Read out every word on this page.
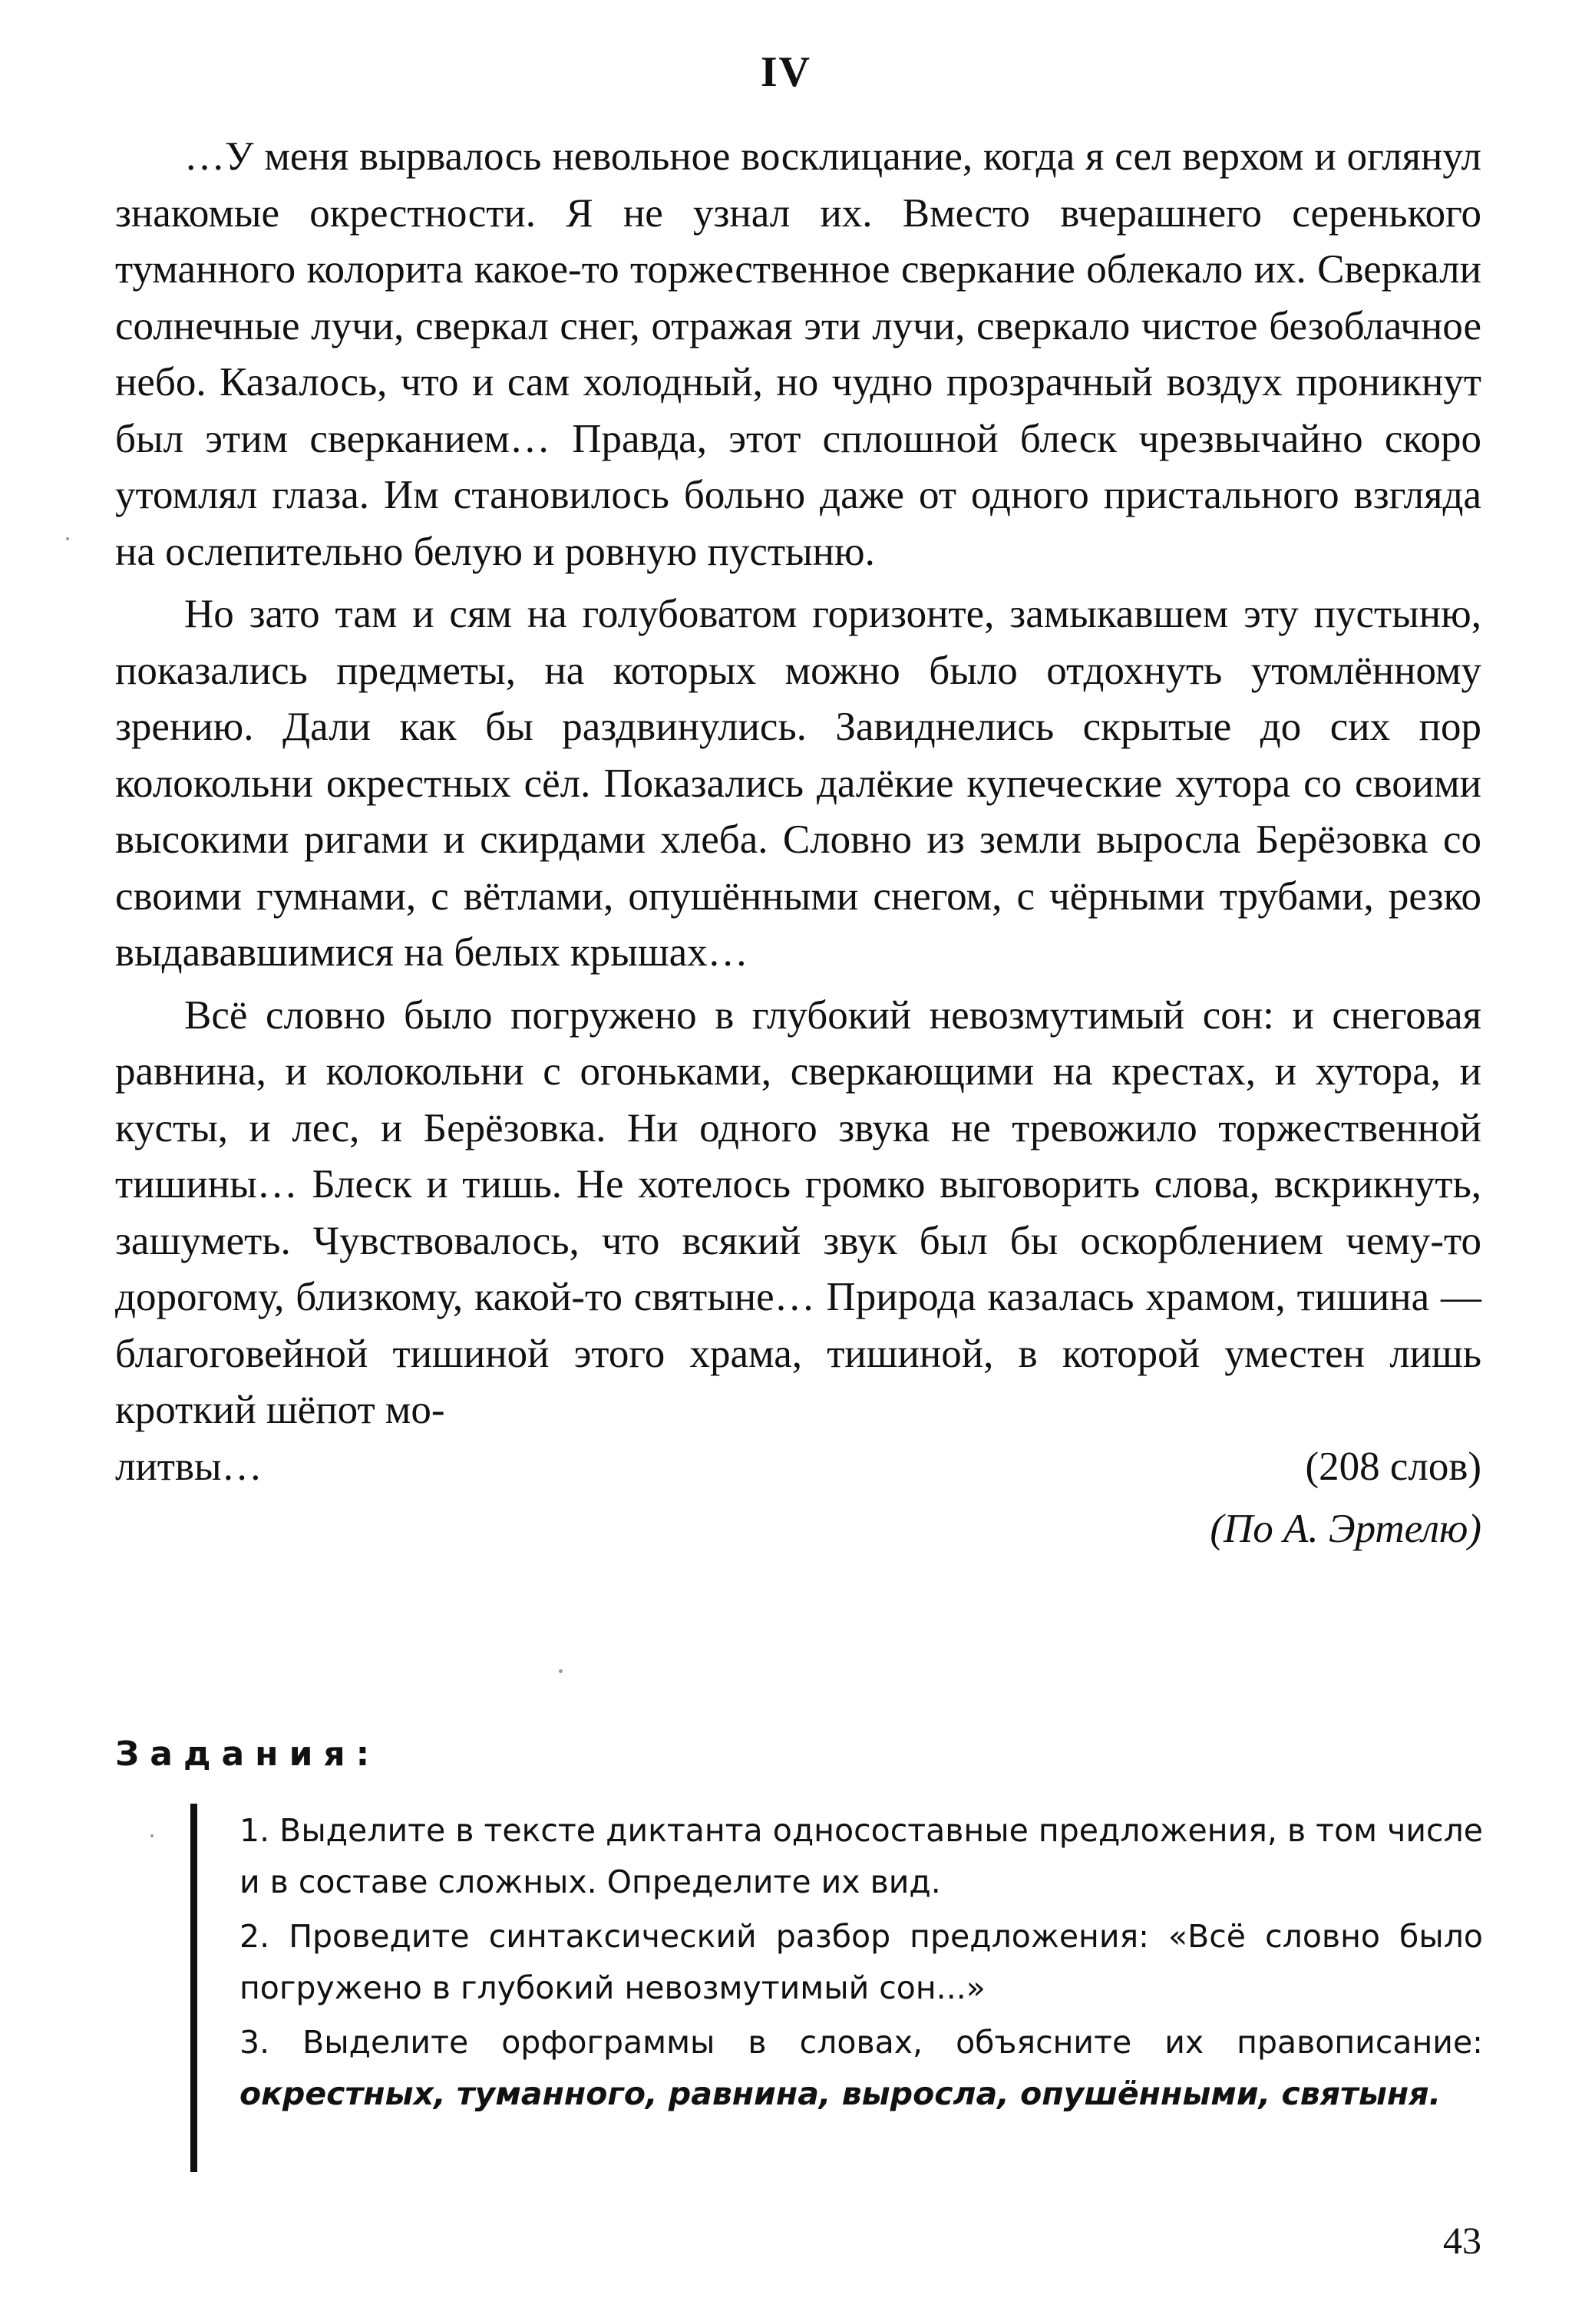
IV

…У меня вырвалось невольное восклицание, когда я сел верхом и оглянул знакомые окрестности. Я не узнал их. Вместо вчерашнего серенького туманного колорита какое-то торжественное сверкание облекало их. Сверкали солнечные лучи, сверкал снег, отражая эти лучи, сверкало чистое безоблачное небо. Казалось, что и сам холодный, но чудно прозрачный воздух проникнут был этим сверканием… Правда, этот сплошной блеск чрезвычайно скоро утомлял глаза. Им становилось больно даже от одного пристального взгляда на ослепительно белую и ровную пустыню.

Но зато там и сям на голубоватом горизонте, замыкавшем эту пустыню, показались предметы, на которых можно было отдохнуть утомлённому зрению. Дали как бы раздвинулись. Завиднелись скрытые до сих пор колокольни окрестных сёл. Показались далёкие купеческие хутора со своими высокими ригами и скирдами хлеба. Словно из земли выросла Берёзовка со своими гумнами, с вётлами, опушёнными снегом, с чёрными трубами, резко выдававшимися на белых крышах…

Всё словно было погружено в глубокий невозмутимый сон: и снеговая равнина, и колокольни с огоньками, сверкающими на крестах, и хутора, и кусты, и лес, и Берёзовка. Ни одного звука не тревожило торжественной тишины… Блеск и тишь. Не хотелось громко выговорить слова, вскрикнуть, зашуметь. Чувствовалось, что всякий звук был бы оскорблением чему-то дорогому, близкому, какой-то святыне… Природа казалась храмом, тишина — благоговейной тишиной этого храма, тишиной, в которой уместен лишь кроткий шёпот мо-

литвы…	(208 слов)
(По А. Эртелю)
Задания:

1. Выделите в тексте диктанта односоставные предложения, в том числе и в составе сложных. Определите их вид.

2. Проведите синтаксический разбор предложения: «Всё словно было погружено в глубокий невозмутимый сон...»

3. Выделите орфограммы в словах, объясните их правописание: окрестных, туманного, равнина, выросла, опушёнными, святыня.

43
